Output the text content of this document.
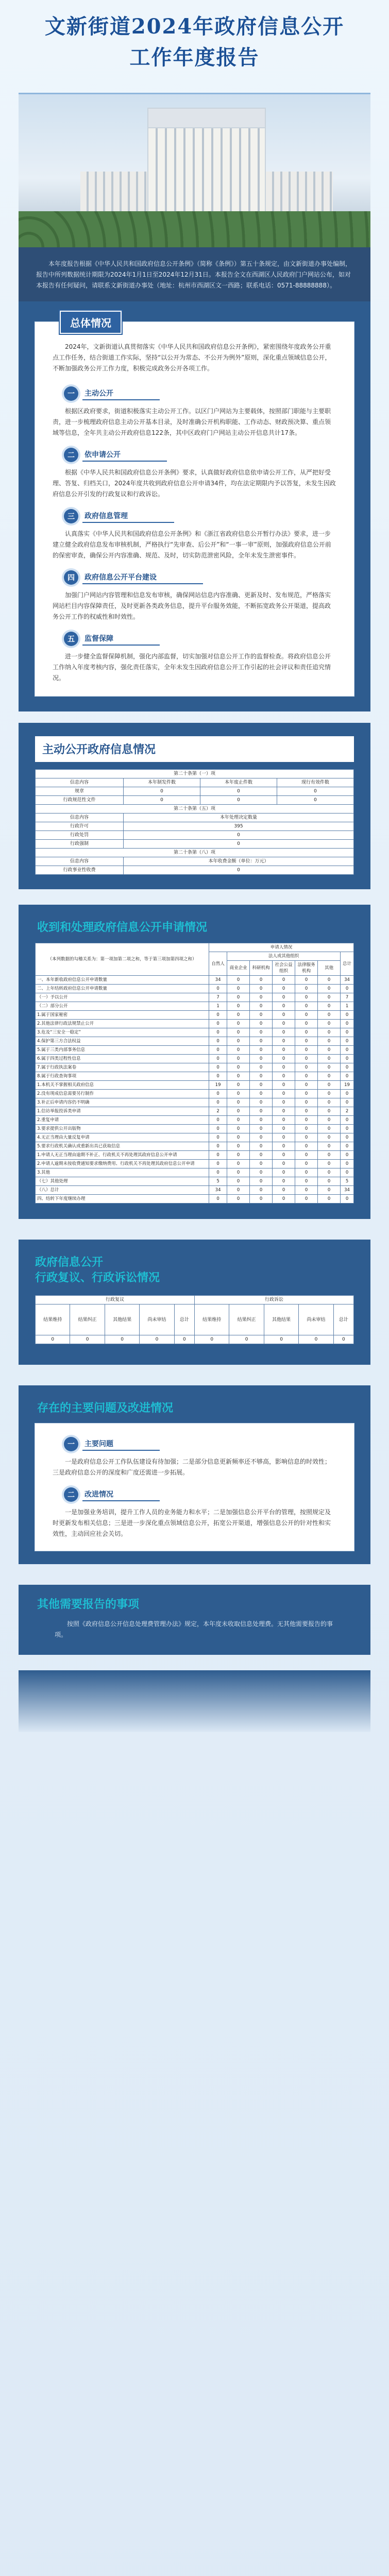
文新街道2024年政府信息公开
工作年度报告
本年度报告根据《中华人民共和国政府信息公开条例》（简称《条例》）第五十条规定，由文新街道办事处编制，报告中所列数据统计期限为2024年1月1日至2024年12月31日。本报告全文在西湖区人民政府门户网站公布，如对本报告有任何疑问，请联系文新街道办事处（地址：杭州市西湖区文一西路；联系电话：0571-88888888）。
总体情况

2024年，文新街道认真贯彻落实《中华人民共和国政府信息公开条例》，紧密围绕年度政务公开重点工作任务，结合街道工作实际，坚持“以公开为常态、不公开为例外”原则，深化重点领域信息公开，不断加强政务公开工作力度，积极完成政务公开各项工作。

一	主动公开

根据区政府要求，街道积极落实主动公开工作。以区门户网站为主要载体，按照部门职能与主要职责，进一步梳理政府信息主动公开基本目录，及时准确公开机构职能、工作动态、财政预决算、重点领域等信息，全年共主动公开政府信息122条，其中区政府门户网站主动公开信息共计17条。

二	依申请公开

根据《中华人民共和国政府信息公开条例》要求，认真做好政府信息依申请公开工作，从严把好受理、答复、归档关口，2024年度共收到政府信息公开申请34件，均在法定期限内予以答复，未发生因政府信息公开引发的行政复议和行政诉讼。

三	政府信息管理

认真落实《中华人民共和国政府信息公开条例》和《浙江省政府信息公开暂行办法》要求，进一步建立健全政府信息发布审核机制，严格执行“先审查、后公开”和“一事一审”原则，加强政府信息公开前的保密审查，确保公开内容准确、规范、及时，切实防范泄密风险，全年未发生泄密事件。

四	政府信息公开平台建设

加强门户网站内容管理和信息发布审核，确保网站信息内容准确、更新及时、发布规范，严格落实网站栏目内容保障责任，及时更新各类政务信息，提升平台服务效能，不断拓宽政务公开渠道，提高政务公开工作的权威性和时效性。

五	监督保障

进一步健全监督保障机制，强化内部监督，切实加强对信息公开工作的监督检查。将政府信息公开工作纳入年度考核内容，强化责任落实，全年未发生因政府信息公开工作引起的社会评议和责任追究情况。

主动公开政府信息情况
第二十条第（一）项			
信息内容	本年制发件数	本年废止件数	现行有效件数
规章	0	0	0
行政规范性文件	0	0	0
第二十条第（五）项			
信息内容	本年处理决定数量		
行政许可	395		
行政处罚	0		
行政强制	0		
第二十条第（八）项			
信息内容	本年收费金额（单位：万元）		
行政事业性收费	0		
收到和处理政府信息公开申请情况
（本列数据的勾稽关系为：第一项加第二项之和，等于第三项加第四项之和）	申请人情况						
	自然人	法人或其他组织					总计
		商业企业	科研机构	社会公益组织	法律服务机构	其他	
一、本年新收政府信息公开申请数量	34	0	0	0	0	0	34
二、上年结转政府信息公开申请数量	0	0	0	0	0	0	0
（一）予以公开	7	0	0	0	0	0	7
（二）部分公开	1	0	0	0	0	0	1
1.属于国家秘密	0	0	0	0	0	0	0
2.其他法律行政法规禁止公开	0	0	0	0	0	0	0
3.危及“三安全一稳定”	0	0	0	0	0	0	0
4.保护第三方合法权益	0	0	0	0	0	0	0
5.属于三类内部事务信息	0	0	0	0	0	0	0
6.属于四类过程性信息	0	0	0	0	0	0	0
7.属于行政执法案卷	0	0	0	0	0	0	0
8.属于行政查询事项	0	0	0	0	0	0	0
1.本机关不掌握相关政府信息	19	0	0	0	0	0	19
2.没有现成信息需要另行制作	0	0	0	0	0	0	0
3.补正后申请内容仍不明确	0	0	0	0	0	0	0
1.信访举报投诉类申请	2	0	0	0	0	0	2
2.重复申请	0	0	0	0	0	0	0
3.要求提供公开出版物	0	0	0	0	0	0	0
4.无正当理由大量反复申请	0	0	0	0	0	0	0
5.要求行政机关确认或重新出具已获取信息	0	0	0	0	0	0	0
1.申请人无正当理由逾期不补正、行政机关不再处理其政府信息公开申请	0	0	0	0	0	0	0
2.申请人逾期未按收费通知要求缴纳费用、行政机关不再处理其政府信息公开申请	0	0	0	0	0	0	0
3.其他	0	0	0	0	0	0	0
（七）其他处理	5	0	0	0	0	0	5
（八）总计	34	0	0	0	0	0	34
四、结转下年度继续办理	0	0	0	0	0	0	0
政府信息公开
行政复议、行政诉讼情况
行政复议					行政诉讼				
结果维持	结果纠正	其他结果	尚未审结	总计	结果维持	结果纠正	其他结果	尚未审结	总计
0	0	0	0	0	0	0	0	0	0
存在的主要问题及改进情况
一	主要问题

一是政府信息公开工作队伍建设有待加强；二是部分信息更新频率还不够高，影响信息的时效性；三是政府信息公开的深度和广度还需进一步拓展。

二	改进情况

一是加强业务培训，提升工作人员的业务能力和水平；二是加强信息公开平台的管理，按照规定及时更新发布相关信息；三是进一步深化重点领域信息公开，拓宽公开渠道，增强信息公开的针对性和实效性，主动回应社会关切。

其他需要报告的事项

按照《政府信息公开信息处理费管理办法》规定，本年度未收取信息处理费。无其他需要报告的事项。
